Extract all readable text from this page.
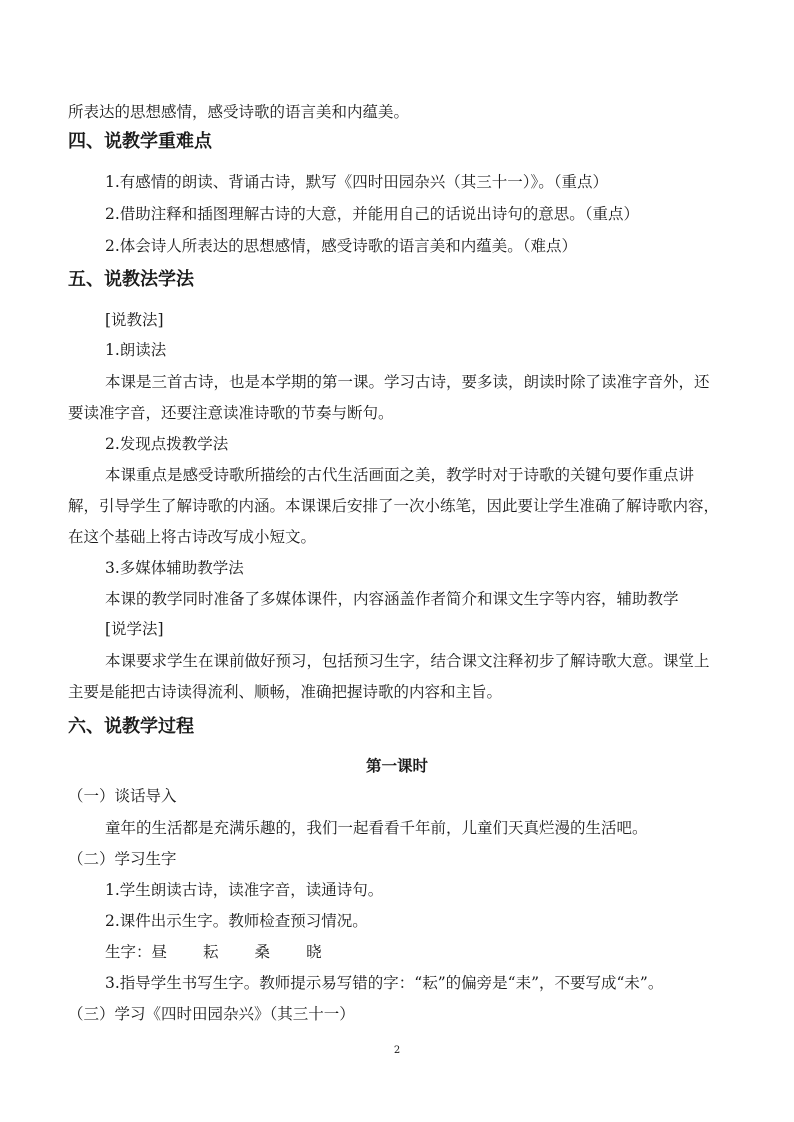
所表达的思想感情，感受诗歌的语言美和内蕴美。
四、说教学重难点
1.有感情的朗读、背诵古诗，默写《四时田园杂兴（其三十一）》。（重点）
2.借助注释和插图理解古诗的大意，并能用自己的话说出诗句的意思。（重点）
2.体会诗人所表达的思想感情，感受诗歌的语言美和内蕴美。（难点）
五、说教法学法
[说教法]
1.朗读法
本课是三首古诗，也是本学期的第一课。学习古诗，要多读，朗读时除了读准字音外，还
要读准字音，还要注意读准诗歌的节奏与断句。
2.发现点拨教学法
本课重点是感受诗歌所描绘的古代生活画面之美，教学时对于诗歌的关键句要作重点讲
解，引导学生了解诗歌的内涵。本课课后安排了一次小练笔，因此要让学生准确了解诗歌内容，
在这个基础上将古诗改写成小短文。
3.多媒体辅助教学法
本课的教学同时准备了多媒体课件，内容涵盖作者简介和课文生字等内容，辅助教学
[说学法]
本课要求学生在课前做好预习，包括预习生字，结合课文注释初步了解诗歌大意。课堂上
主要是能把古诗读得流利、顺畅，准确把握诗歌的内容和主旨。
六、说教学过程
第一课时
（一）谈话导入
童年的生活都是充满乐趣的，我们一起看看千年前，儿童们天真烂漫的生活吧。
（二）学习生字
1.学生朗读古诗，读准字音，读通诗句。
2.课件出示生字。教师检查预习情况。
生字：昼 耘 桑 晓
3.指导学生书写生字。教师提示易写错的字：“耘”的偏旁是“耒”，不要写成“未”。
（三）学习《四时田园杂兴》（其三十一）
2
